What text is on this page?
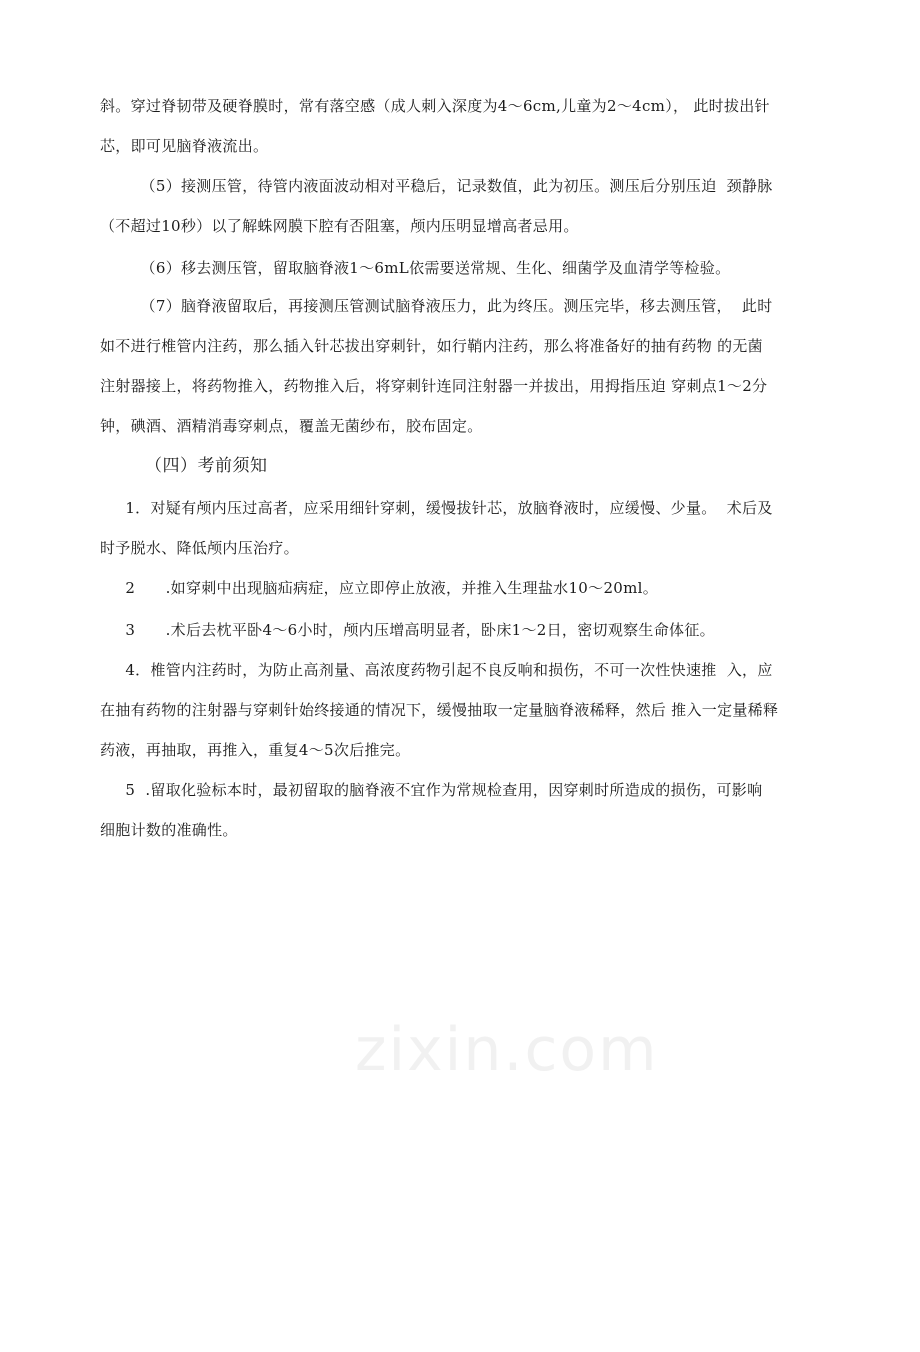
斜。穿过脊韧带及硬脊膜时，常有落空感（成人刺入深度为4〜6cm,儿童为2〜4cm）， 此时拔出针

芯，即可见脑脊液流出。

（5）接测压管，待管内液面波动相对平稳后，记录数值，此为初压。测压后分别压迫  颈静脉

（不超过10秒）以了解蛛网膜下腔有否阻塞，颅内压明显增高者忌用。

（6）移去测压管，留取脑脊液1〜6mL依需要送常规、生化、细菌学及血清学等检验。

（7）脑脊液留取后，再接测压管测试脑脊液压力，此为终压。测压完毕，移去测压管，  此时

如不进行椎管内注药，那么插入针芯拔出穿刺针，如行鞘内注药，那么将准备好的抽有药物 的无菌

注射器接上，将药物推入，药物推入后，将穿刺针连同注射器一并拔出，用拇指压迫 穿刺点1〜2分

钟，碘酒、酒精消毒穿刺点，覆盖无菌纱布，胶布固定。

（四）考前须知

1．对疑有颅内压过高者，应采用细针穿刺，缓慢拔针芯，放脑脊液时，应缓慢、少量。  术后及

时予脱水、降低颅内压治疗。

2      .如穿刺中出现脑疝病症，应立即停止放液，并推入生理盐水10〜20ml。

3      .术后去枕平卧4〜6小时，颅内压增高明显者，卧床1〜2日，密切观察生命体征。

4．椎管内注药时，为防止高剂量、高浓度药物引起不良反响和损伤，不可一次性快速推  入，应

在抽有药物的注射器与穿刺针始终接通的情况下，缓慢抽取一定量脑脊液稀释，然后 推入一定量稀释

药液，再抽取，再推入，重复4〜5次后推完。

5  .留取化验标本时，最初留取的脑脊液不宜作为常规检查用，因穿刺时所造成的损伤，可影响

细胞计数的准确性。

zixin.com
